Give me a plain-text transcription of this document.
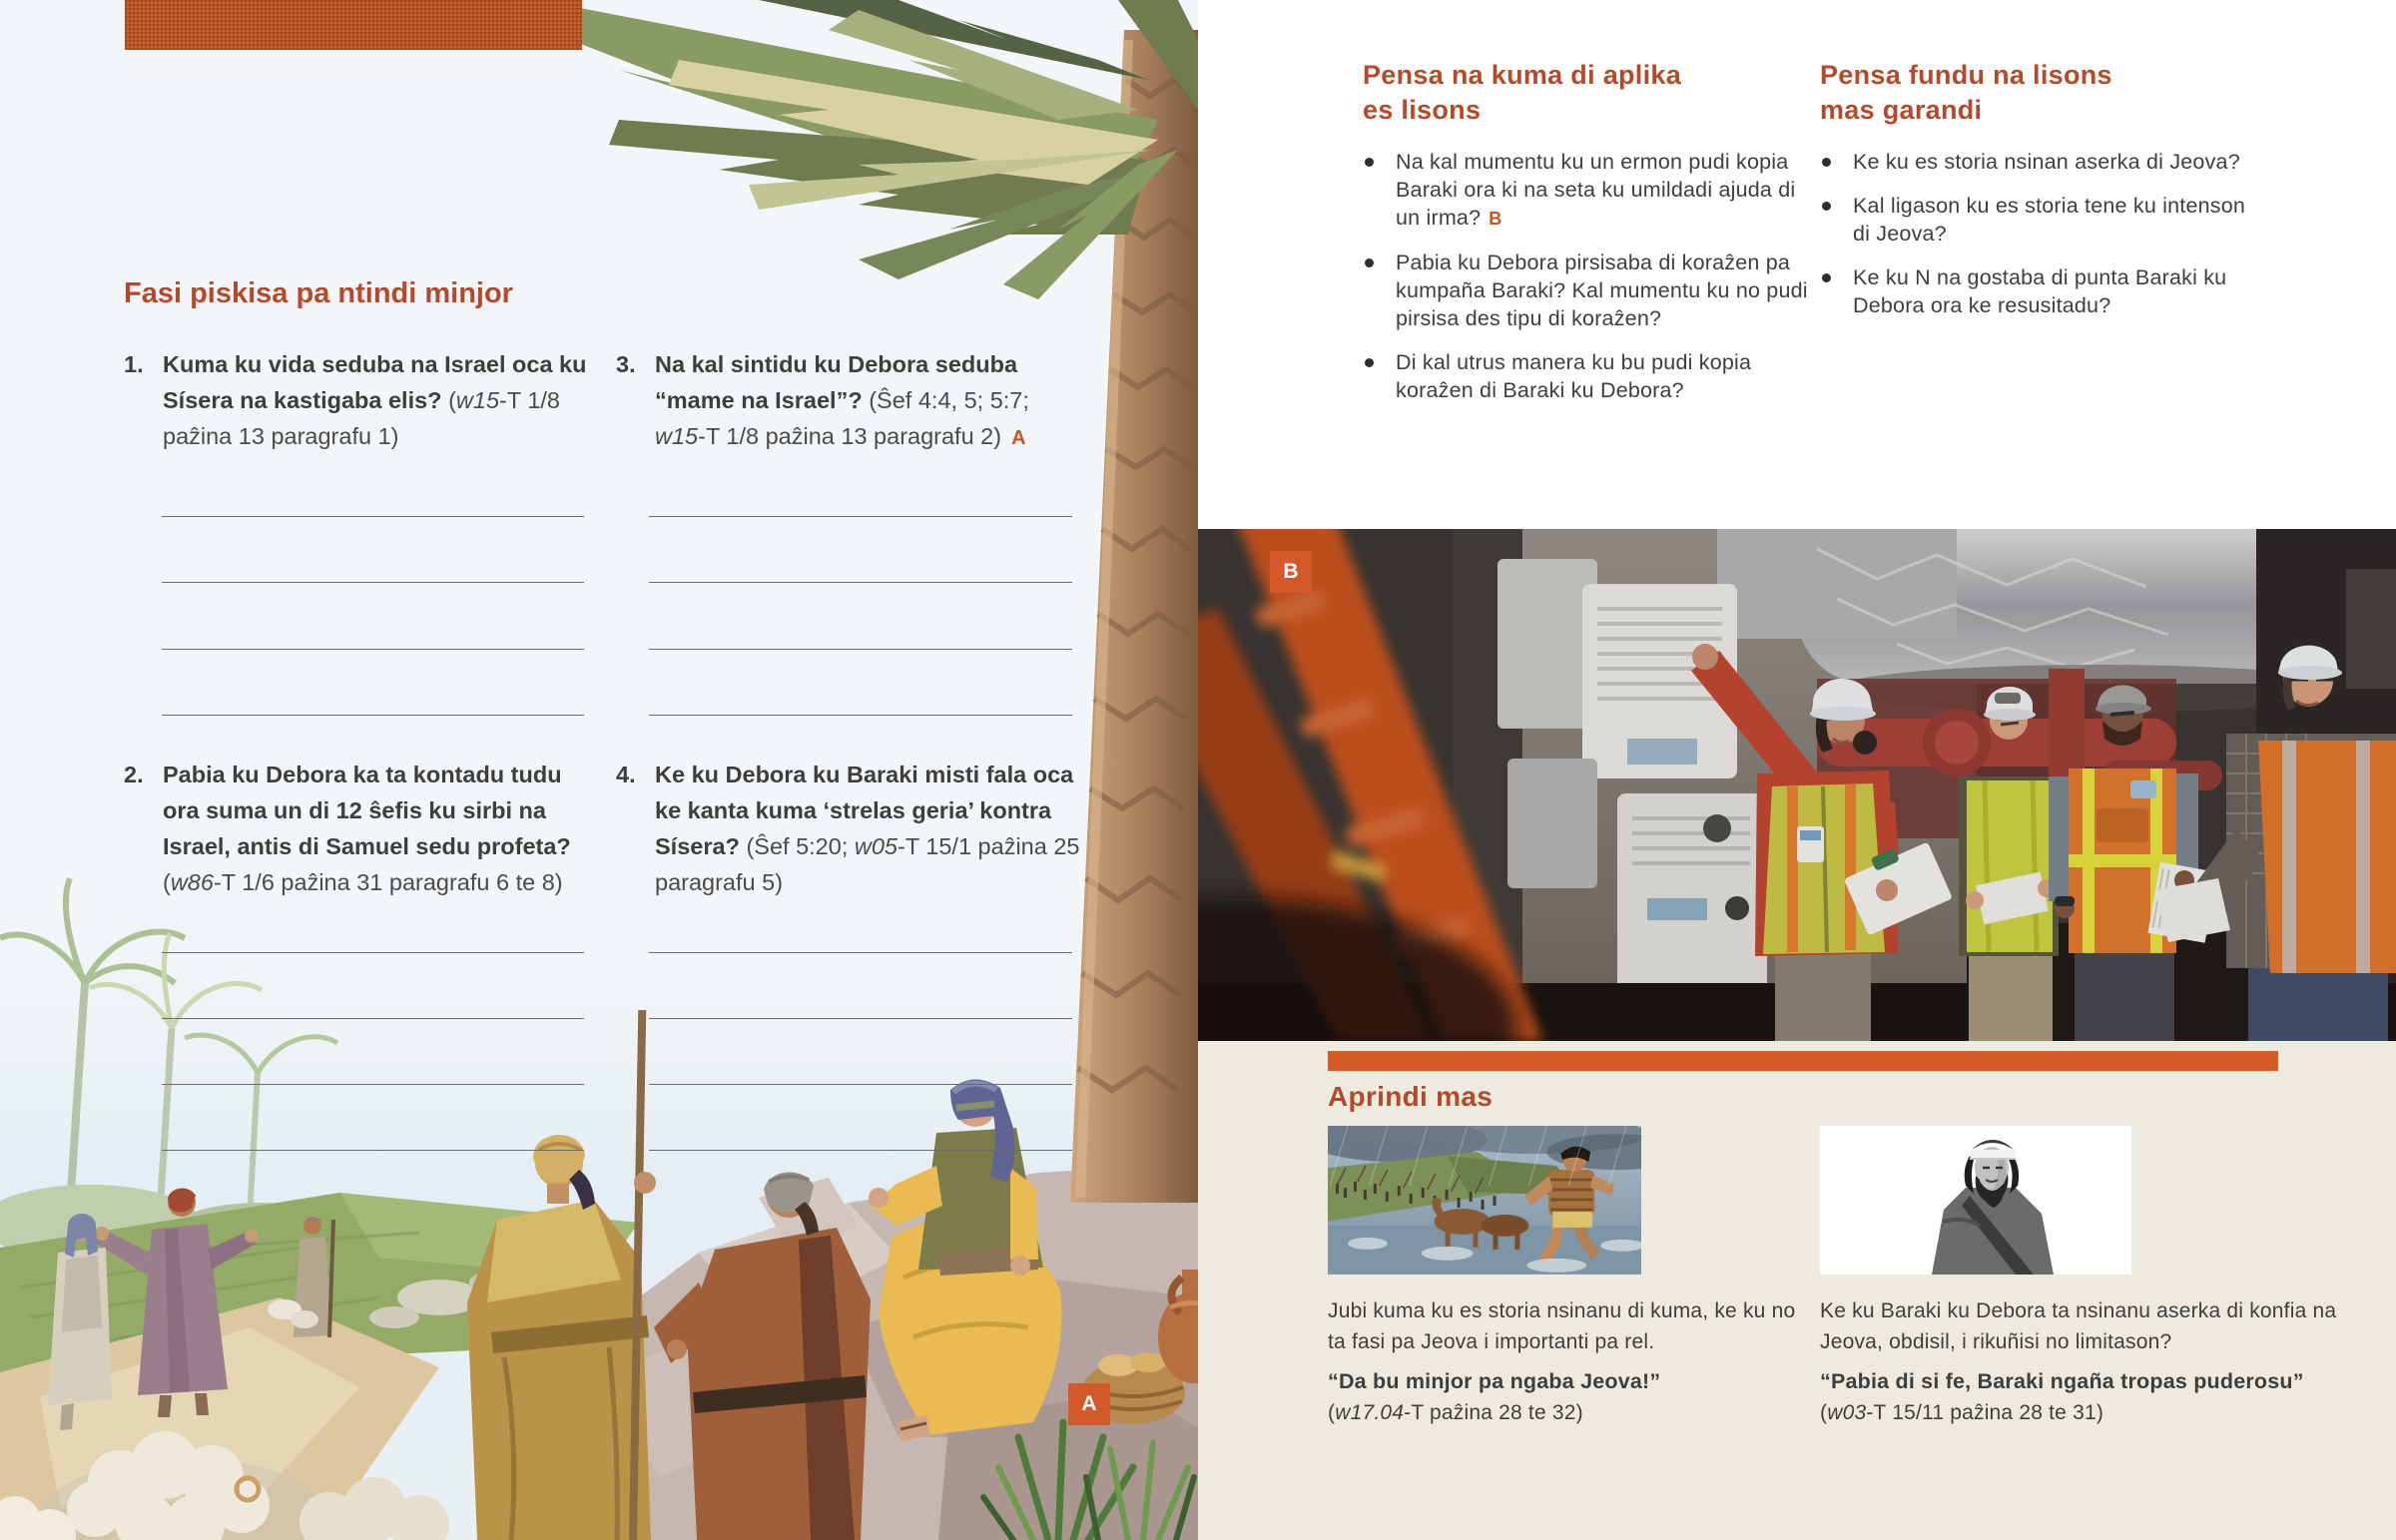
Fasi piskisa pa ntindi minjor
1. Kuma ku vida seduba na Israel oca ku Sísera na kastigaba elis? (w15-T 1/8 paẑina 13 paragrafu 1)
3. Na kal sintidu ku Debora seduba “mame na Israel”? (Ŝef 4:4, 5; 5:7; w15-T 1/8 paẑina 13 paragrafu 2) A
2. Pabia ku Debora ka ta kontadu tudu ora suma un di 12 ŝefis ku sirbi na Israel, antis di Samuel sedu profeta? (w86-T 1/6 paẑina 31 paragrafu 6 te 8)
4. Ke ku Debora ku Baraki misti fala oca ke kanta kuma ‘strelas geria’ kontra Sísera? (Ŝef 5:20; w05-T 15/1 paẑina 25 paragrafu 5)
A
Pensa na kuma di aplika
es lisons
Na kal mumentu ku un ermon pudi kopia Baraki ora ki na seta ku umildadi ajuda di un irma? B
Pabia ku Debora pirsisaba di koraẑen pa kumpaña Baraki? Kal mumentu ku no pudi pirsisa des tipu di koraẑen?
Di kal utrus manera ku bu pudi kopia koraẑen di Baraki ku Debora?
Pensa fundu na lisons
mas garandi
Ke ku es storia nsinan aserka di Jeova?
Kal ligason ku es storia tene ku intenson di Jeova?
Ke ku N na gostaba di punta Baraki ku Debora ora ke resusitadu?
B
Aprindi mas
Jubi kuma ku es storia nsinanu di kuma, ke ku no ta fasi pa Jeova i importanti pa rel.
“Da bu minjor pa ngaba Jeova!”
(w17.04-T paẑina 28 te 32)
Ke ku Baraki ku Debora ta nsinanu aserka di konfia na Jeova, obdisil, i rikuñisi no limitason?
“Pabia di si fe, Baraki ngaña tropas puderosu”
(w03-T 15/11 paẑina 28 te 31)
